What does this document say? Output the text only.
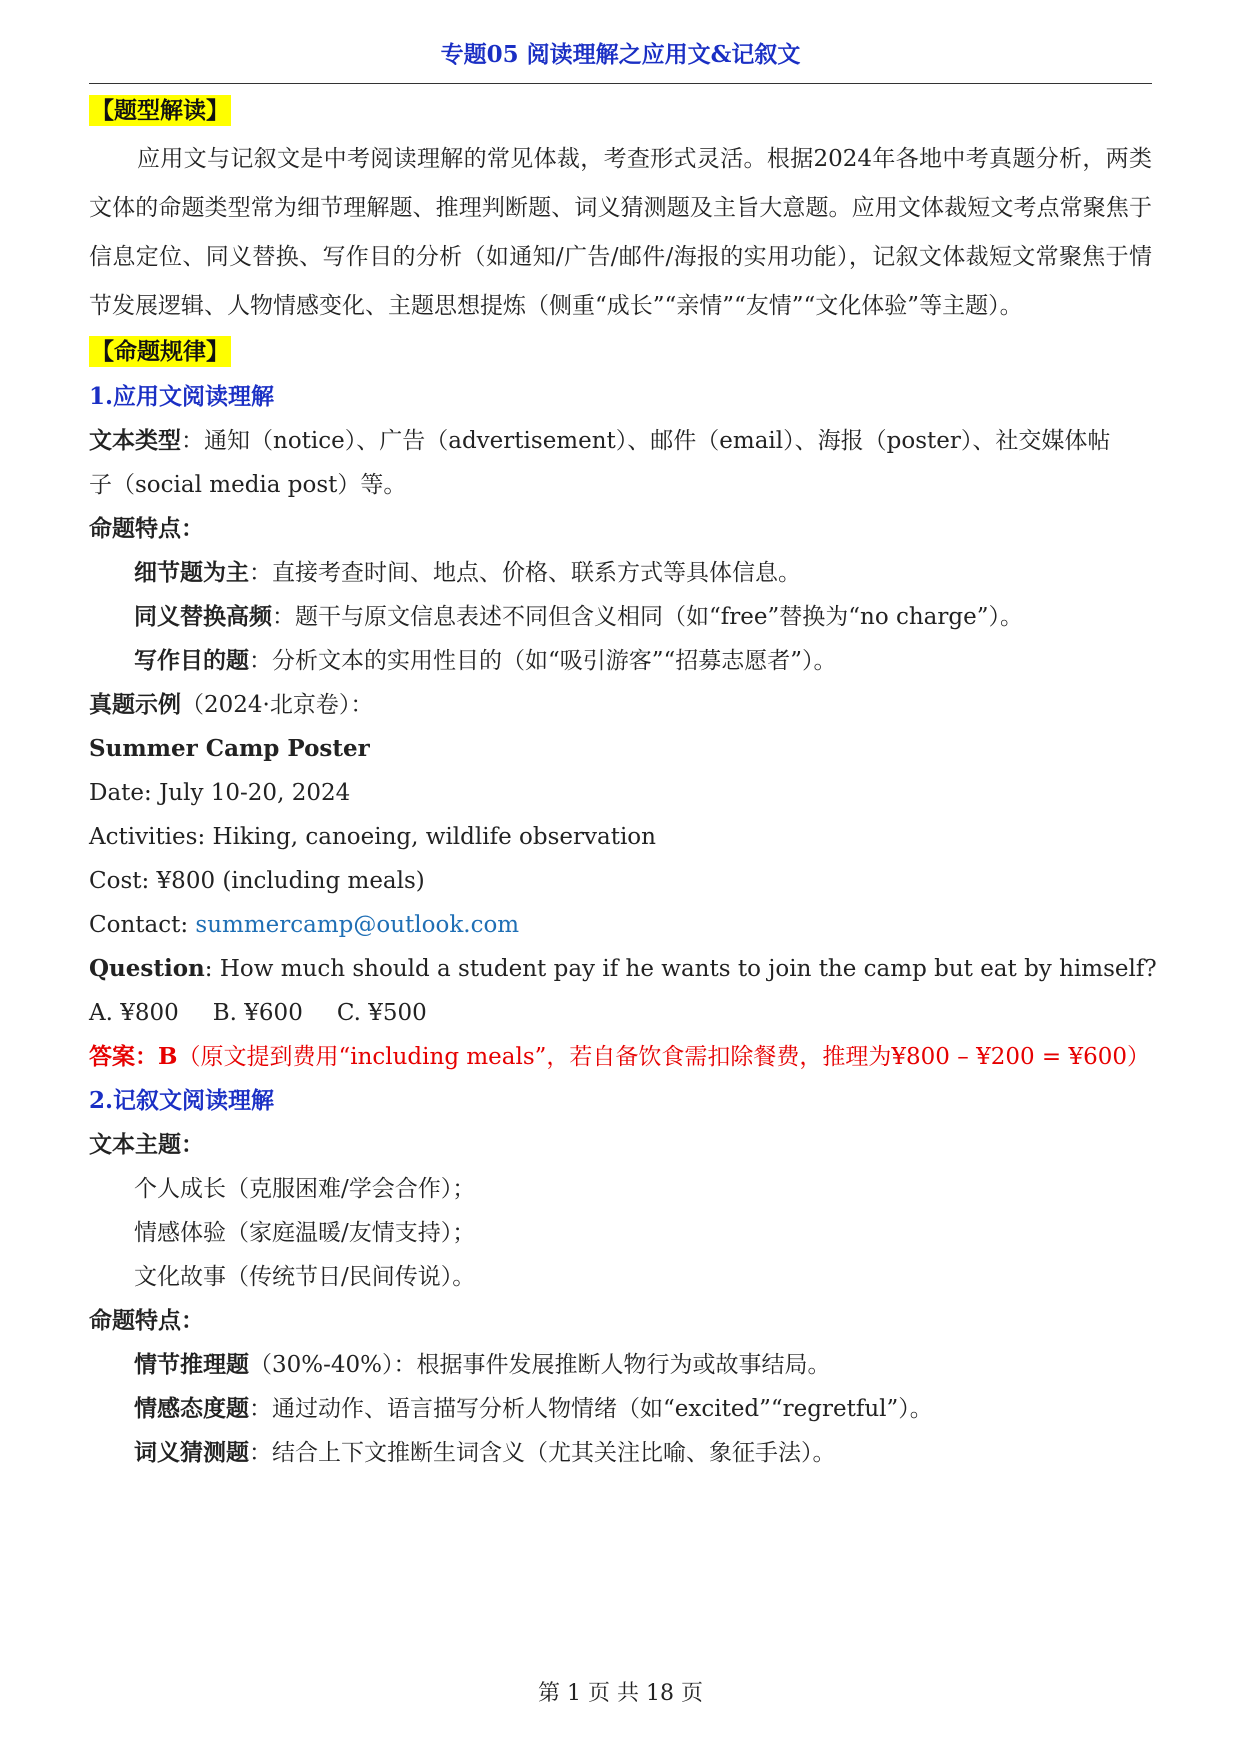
专题05 阅读理解之应用文&记叙文
【题型解读】

应用文与记叙文是中考阅读理解的常见体裁，考查形式灵活。根据2024年各地中考真题分析，两类文体的命题类型常为细节理解题、推理判断题、词义猜测题及主旨大意题。应用文体裁短文考点常聚焦于信息定位、同义替换、写作目的分析（如通知/广告/邮件/海报的实用功能），记叙文体裁短文常聚焦于情节发展逻辑、人物情感变化、主题思想提炼（侧重“成长”“亲情”“友情”“文化体验”等主题）。

【命题规律】
1.应用文阅读理解
文本类型：通知（notice）、广告（advertisement）、邮件（email）、海报（poster）、社交媒体帖
子（social media post）等。
命题特点：
细节题为主：直接考查时间、地点、价格、联系方式等具体信息。
同义替换高频：题干与原文信息表述不同但含义相同（如“free”替换为“no charge”）。
写作目的题：分析文本的实用性目的（如“吸引游客”“招募志愿者”）。
真题示例（2024·北京卷）：
Summer Camp Poster
Date: July 10-20, 2024
Activities: Hiking, canoeing, wildlife observation
Cost: ¥800 (including meals)
Contact: summercamp@outlook.com
Question: How much should a student pay if he wants to join the camp but eat by himself?
A. ¥800 B. ¥600 C. ¥500
答案：B（原文提到费用“including meals”，若自备饮食需扣除餐费，推理为¥800 – ¥200 = ¥600）
2.记叙文阅读理解
文本主题：
个人成长（克服困难/学会合作）；
情感体验（家庭温暖/友情支持）；
文化故事（传统节日/民间传说）。
命题特点：
情节推理题（30%-40%）：根据事件发展推断人物行为或故事结局。
情感态度题：通过动作、语言描写分析人物情绪（如“excited”“regretful”）。
词义猜测题：结合上下文推断生词含义（尤其关注比喻、象征手法）。
第 1 页 共 18 页
